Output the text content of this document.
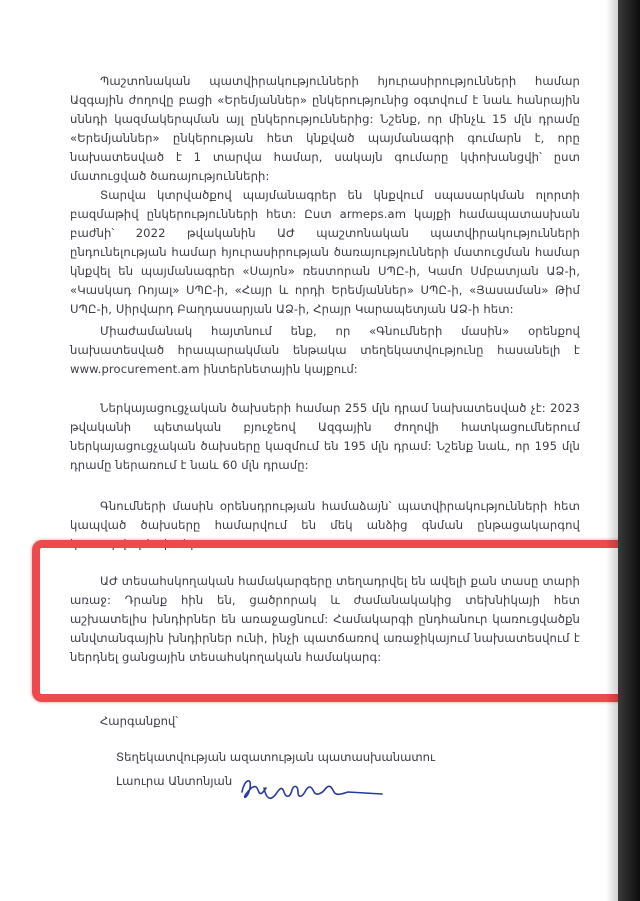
Պաշտոնական պատվիրակությունների հյուրասիրությունների համար Ազգային ժողովը բացի «Երեմյաններ» ընկերությունից օգտվում է նաև հանրային սննդի կազմակերպման այլ ընկերություններից: Նշենք, որ մինչև 15 մլն դրամը «Երեմյաններ» ընկերության հետ կնքված պայմանագրի գումարն է, որը նախատեսված է 1 տարվա համար, սակայն գումարը կփոխանցվի՝ ըստ մատուցված ծառայությունների:

Տարվա կտրվածքով պայմանագրեր են կնքվում սպասարկման ոլորտի բազմաթիվ ընկերությունների հետ: Ըստ armeps.am կայքի համապատասխան բաժնի՝ 2022 թվականին ԱԺ պաշտոնական պատվիրակությունների ընդունելության համար հյուրասիրության ծառայությունների մատուցման համար կնքվել են պայմանագրեր «Սայոն» ռեստորան ՍՊԸ-ի, Կամո Սմբատյան ԱՁ-ի, «Կասկադ Ռոյալ» ՍՊԸ-ի, «Հայր և որդի Երեմյաններ» ՍՊԸ-ի, «Յասաման» Թիմ ՍՊԸ-ի, Սիրվարդ Բաղդասարյան ԱՁ-ի, Հրայր Կարապետյան ԱՁ-ի հետ:

Միաժամանակ հայտնում ենք, որ «Գնումների մասին» օրենքով նախատեսված հրապարակման ենթակա տեղեկատվությունը հասանելի է www.procurement.am ինտերնետային կայքում:

Ներկայացուցչական ծախսերի համար 255 մլն դրամ նախատեսված չէ: 2023 թվականի պետական բյուջեով Ազգային ժողովի հատկացումներում ներկայացուցչական ծախսերը կազմում են 195 մլն դրամ: Նշենք նաև, որ 195 մլն դրամը ներառում է նաև 60 մլն դրամը:

Գնումների մասին օրենսդրության համաձայն՝ պատվիրակությունների հետ կապված ծախսերը համարվում են մեկ անձից գնման ընթացակարգով կատարվող ծախսեր:

ԱԺ տեսահսկողական համակարգերը տեղադրվել են ավելի քան տասը տարի առաջ: Դրանք հին են, ցածրորակ և ժամանակակից տեխնիկայի հետ աշխատելիս խնդիրներ են առաջացնում: Համակարգի ընդհանուր կառուցվածքն անվտանգային խնդիրներ ունի, ինչի պատճառով առաջիկայում նախատեսվում է ներդնել ցանցային տեսահսկողական համակարգ:

Հարգանքով՝

Տեղեկատվության ազատության պատասխանատու

Լաուրա Անտոնյան
